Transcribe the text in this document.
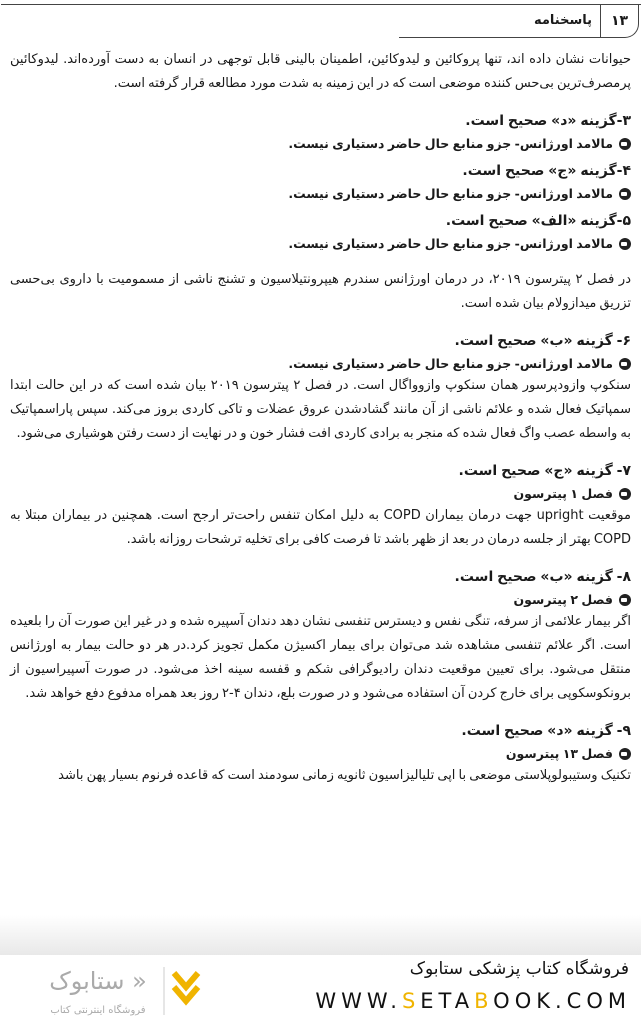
۱۳
پاسخنامه

حیوانات نشان داده اند، تنها پروکائین و لیدوکائین، اطمینان بالینی قابل توجهی در انسان به دست آورده‌اند. لیدوکائین پرمصرف‌ترین بی‌حس کننده موضعی است که در این زمینه به شدت مورد مطالعه قرار گرفته است.

۳-گزینه «د» صحیح است.
مالامد اورژانس- جزو منابع حال حاضر دستیاری نیست.
۴-گزینه «ج» صحیح است.
مالامد اورژانس- جزو منابع حال حاضر دستیاری نیست.
۵-گزینه «الف» صحیح است.
مالامد اورژانس- جزو منابع حال حاضر دستیاری نیست.

در فصل ۲ پیترسون ۲۰۱۹، در درمان اورژانس سندرم هیپرونتیلاسیون و تشنج ناشی از مسمومیت با داروی بی‌حسی تزریق میدازولام بیان شده است.

۶- گزینه «ب» صحیح است.
مالامد اورژانس- جزو منابع حال حاضر دستیاری نیست.

سنکوپ وازودپرسور همان سنکوپ وازوواگال است. در فصل ۲ پیترسون ۲۰۱۹ بیان شده است که در این حالت ابتدا سمپاتیک فعال شده و علائم ناشی از آن مانند گشادشدن عروق عضلات و تاکی کاردی بروز می‌کند. سپس پاراسمپاتیک به واسطه عصب واگ فعال شده که منجر به برادی کاردی افت فشار خون و در نهایت از دست رفتن هوشیاری می‌شود.

۷- گزینه «ج» صحیح است.
فصل ۱ پیترسون

موقعیت upright جهت درمان بیماران COPD به دلیل امکان تنفس راحت‌تر ارجح است. همچنین در بیماران مبتلا به COPD بهتر از جلسه درمان در بعد از ظهر باشد تا فرصت کافی برای تخلیه ترشحات روزانه باشد.

۸- گزینه «ب» صحیح است.
فصل ۲ پیترسون

اگر بیمار علائمی از سرفه، تنگی نفس و دیسترس تنفسی نشان دهد دندان آسپیره شده و در غیر این صورت آن را بلعیده است. اگر علائم تنفسی مشاهده شد می‌توان برای بیمار اکسیژن مکمل تجویز کرد.در هر دو حالت بیمار به اورژانس منتقل می‌شود. برای تعیین موقعیت دندان رادیوگرافی شکم و قفسه سینه اخذ می‌شود. در صورت آسپیراسیون از برونکوسکوپی برای خارج کردن آن استفاده می‌شود و در صورت بلع، دندان ۴-۲ روز بعد همراه مدفوع دفع خواهد شد.

۹- گزینه «د» صحیح است.
فصل ۱۳ پیترسون

تکنیک وستیبولوپلاستی موضعی با اپی تلیالیزاسیون ثانویه زمانی سودمند است که قاعده فرنوم بسیار پهن باشد

فروشگاه کتاب پزشکی ستابوک
WWW.SETABOOK.COM
« ستابوک
فروشگاه اینترنتی کتاب
